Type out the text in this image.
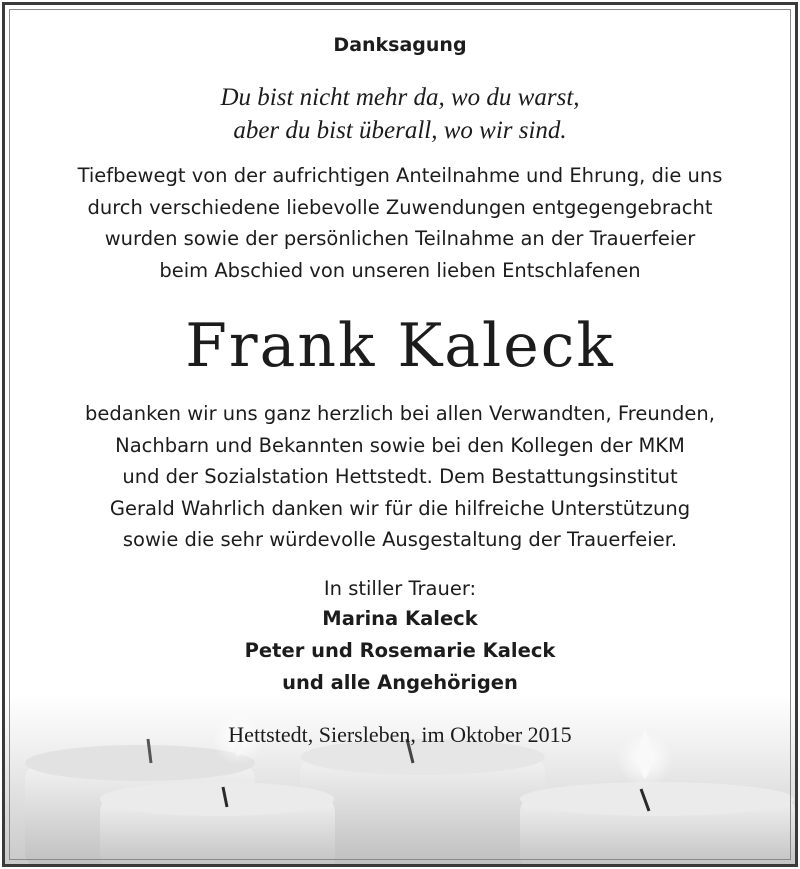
Danksagung
Du bist nicht mehr da, wo du warst,
aber du bist überall, wo wir sind.
Tiefbewegt von der aufrichtigen Anteilnahme und Ehrung, die uns
durch verschiedene liebevolle Zuwendungen entgegengebracht
wurden sowie der persönlichen Teilnahme an der Trauerfeier
beim Abschied von unseren lieben Entschlafenen
Frank Kaleck
bedanken wir uns ganz herzlich bei allen Verwandten, Freunden,
Nachbarn und Bekannten sowie bei den Kollegen der MKM
und der Sozialstation Hettstedt. Dem Bestattungsinstitut
Gerald Wahrlich danken wir für die hilfreiche Unterstützung
sowie die sehr würdevolle Ausgestaltung der Trauerfeier.
In stiller Trauer:
Marina Kaleck
Peter und Rosemarie Kaleck
und alle Angehörigen
Hettstedt, Siersleben, im Oktober 2015
